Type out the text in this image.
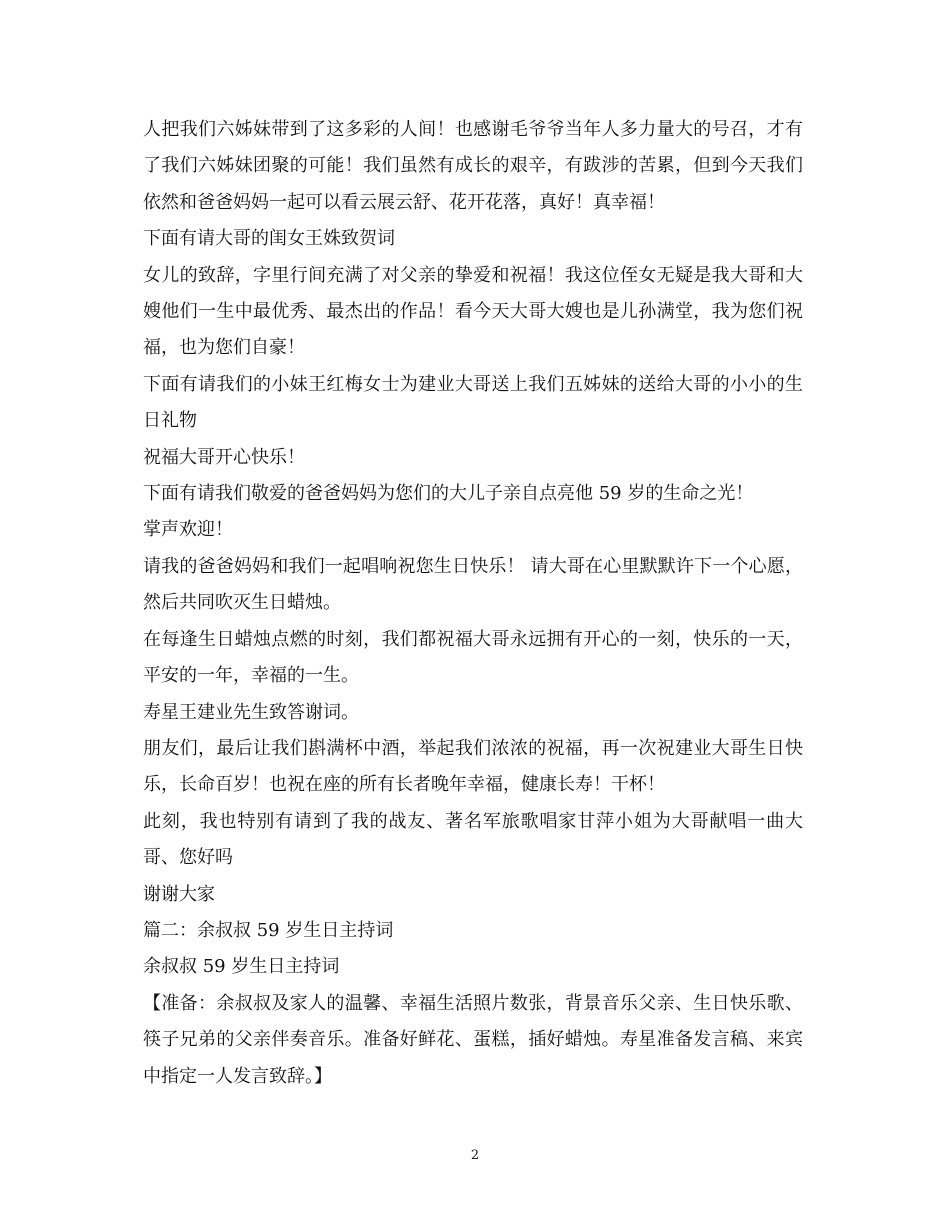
人把我们六姊妹带到了这多彩的人间！也感谢毛爷爷当年人多力量大的号召，才有了我们六姊妹团聚的可能！我们虽然有成长的艰辛，有跋涉的苦累，但到今天我们依然和爸爸妈妈一起可以看云展云舒、花开花落，真好！真幸福！

下面有请大哥的闺女王姝致贺词

女儿的致辞，字里行间充满了对父亲的挚爱和祝福！我这位侄女无疑是我大哥和大嫂他们一生中最优秀、最杰出的作品！看今天大哥大嫂也是儿孙满堂，我为您们祝福，也为您们自豪！

下面有请我们的小妹王红梅女士为建业大哥送上我们五姊妹的送给大哥的小小的生日礼物

祝福大哥开心快乐！

下面有请我们敬爱的爸爸妈妈为您们的大儿子亲自点亮他 59 岁的生命之光！

掌声欢迎！

请我的爸爸妈妈和我们一起唱响祝您生日快乐！ 请大哥在心里默默许下一个心愿，然后共同吹灭生日蜡烛。

在每逢生日蜡烛点燃的时刻，我们都祝福大哥永远拥有开心的一刻，快乐的一天，平安的一年，幸福的一生。

寿星王建业先生致答谢词。

朋友们，最后让我们斟满杯中酒，举起我们浓浓的祝福，再一次祝建业大哥生日快乐，长命百岁！也祝在座的所有长者晚年幸福，健康长寿！干杯！

此刻，我也特别有请到了我的战友、著名军旅歌唱家甘萍小姐为大哥献唱一曲大哥、您好吗

谢谢大家

篇二：余叔叔 59 岁生日主持词

余叔叔 59 岁生日主持词

【准备：余叔叔及家人的温馨、幸福生活照片数张，背景音乐父亲、生日快乐歌、筷子兄弟的父亲伴奏音乐。准备好鲜花、蛋糕，插好蜡烛。寿星准备发言稿、来宾中指定一人发言致辞。】

2
